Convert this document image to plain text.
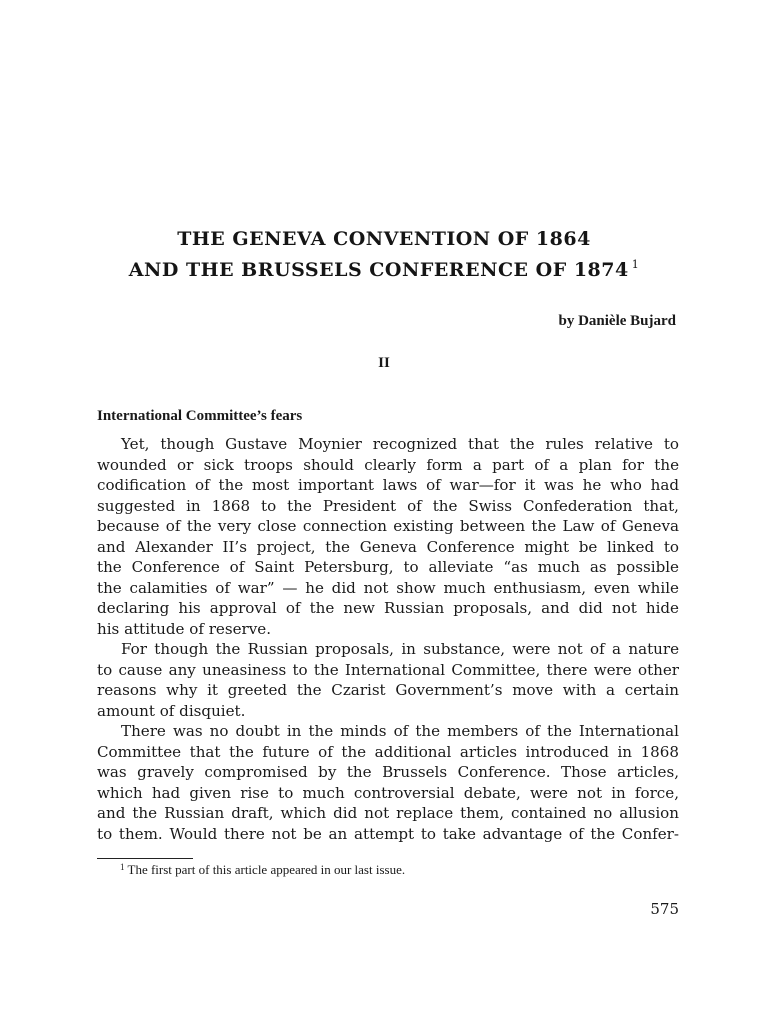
THE GENEVA CONVENTION OF 1864
AND THE BRUSSELS CONFERENCE OF 1874 $^1$
by Danièle Bujard
II
International Committee’s fears
Yet, though Gustave Moynier recognized that the rules relative to
wounded or sick troops should clearly form a part of a plan for the
codification of the most important laws of war—for it was he who had
suggested in 1868 to the President of the Swiss Confederation that,
because of the very close connection existing between the Law of Geneva
and Alexander II’s project, the Geneva Conference might be linked to
the Conference of Saint Petersburg, to alleviate “as much as possible
the calamities of war” — he did not show much enthusiasm, even while
declaring his approval of the new Russian proposals, and did not hide
his attitude of reserve.
For though the Russian proposals, in substance, were not of a nature
to cause any uneasiness to the International Committee, there were other
reasons why it greeted the Czarist Government’s move with a certain
amount of disquiet.
There was no doubt in the minds of the members of the International
Committee that the future of the additional articles introduced in 1868
was gravely compromised by the Brussels Conference. Those articles,
which had given rise to much controversial debate, were not in force,
and the Russian draft, which did not replace them, contained no allusion
to them. Would there not be an attempt to take advantage of the Confer-
$^1$ The first part of this article appeared in our last issue.
575
